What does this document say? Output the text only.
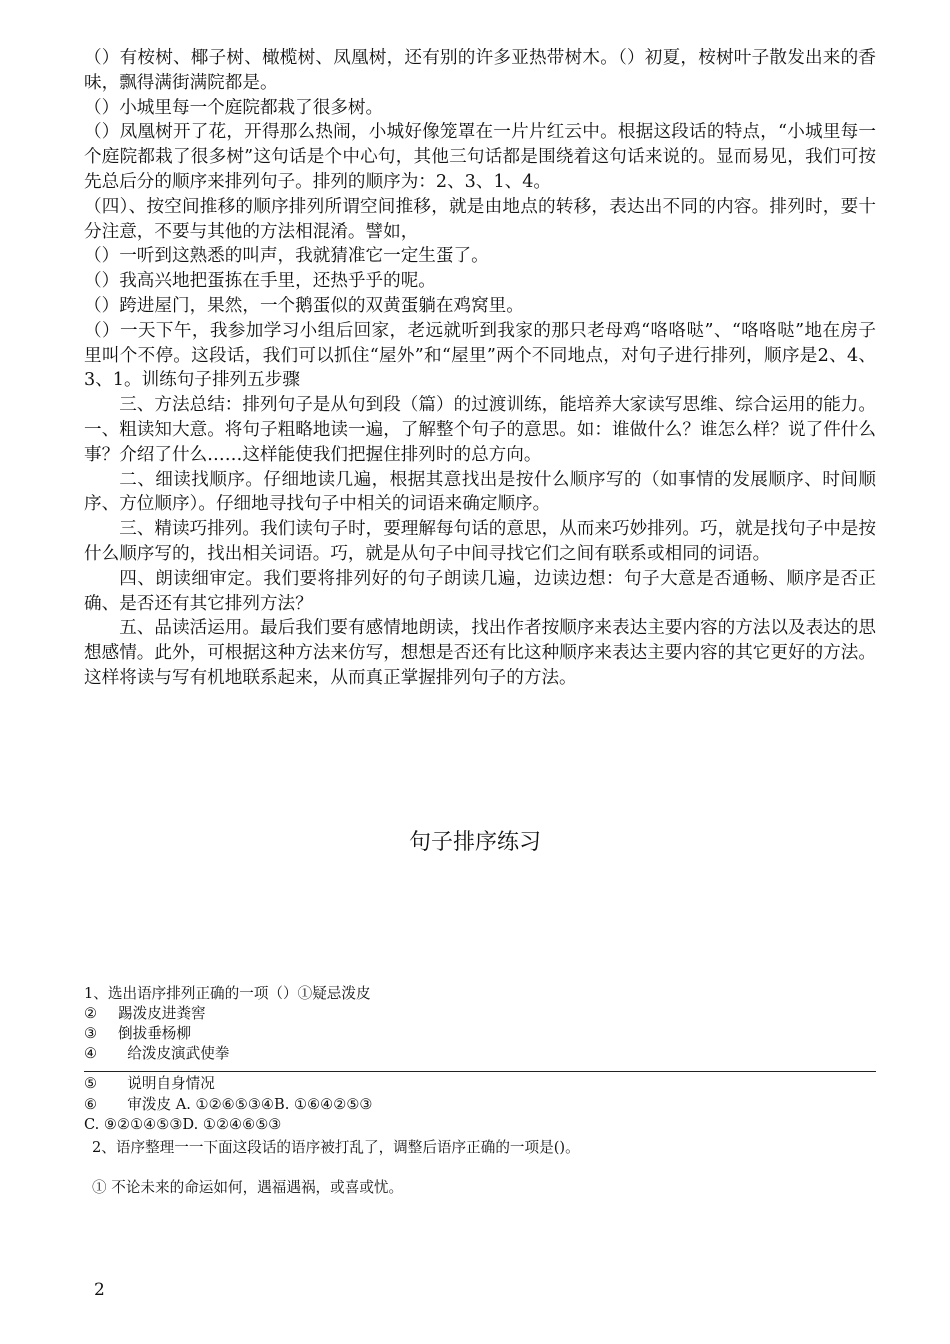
（）有桉树、椰子树、橄榄树、凤凰树，还有别的许多亚热带树木。（）初夏，桉树叶子散发出来的香味，飘得满街满院都是。

（）小城里每一个庭院都栽了很多树。

（）凤凰树开了花，开得那么热闹，小城好像笼罩在一片片红云中。根据这段话的特点，“小城里每一个庭院都栽了很多树”这句话是个中心句，其他三句话都是围绕着这句话来说的。显而易见，我们可按先总后分的顺序来排列句子。排列的顺序为：2、3、1、4。

（四）、按空间推移的顺序排列所谓空间推移，就是由地点的转移，表达出不同的内容。排列时，要十分注意，不要与其他的方法相混淆。譬如，

（）一听到这熟悉的叫声，我就猜准它一定生蛋了。

（）我高兴地把蛋拣在手里，还热乎乎的呢。

（）跨进屋门，果然，一个鹅蛋似的双黄蛋躺在鸡窝里。

（）一天下午，我参加学习小组后回家，老远就听到我家的那只老母鸡“咯咯哒”、“咯咯哒”地在房子里叫个不停。这段话，我们可以抓住“屋外”和“屋里”两个不同地点，对句子进行排列，顺序是2、4、3、1。训练句子排列五步骤

三、方法总结：排列句子是从句到段（篇）的过渡训练，能培养大家读写思维、综合运用的能力。一、粗读知大意。将句子粗略地读一遍，了解整个句子的意思。如：谁做什么？谁怎么样？说了件什么事？介绍了什么……这样能使我们把握住排列时的总方向。

二、细读找顺序。仔细地读几遍，根据其意找出是按什么顺序写的（如事情的发展顺序、时间顺序、方位顺序）。仔细地寻找句子中相关的词语来确定顺序。

三、精读巧排列。我们读句子时，要理解每句话的意思，从而来巧妙排列。巧，就是找句子中是按什么顺序写的，找出相关词语。巧，就是从句子中间寻找它们之间有联系或相同的词语。

四、朗读细审定。我们要将排列好的句子朗读几遍，边读边想：句子大意是否通畅、顺序是否正确、是否还有其它排列方法？

五、品读活运用。最后我们要有感情地朗读，找出作者按顺序来表达主要内容的方法以及表达的思想感情。此外，可根据这种方法来仿写，想想是否还有比这种顺序来表达主要内容的其它更好的方法。这样将读与写有机地联系起来，从而真正掌握排列句子的方法。

句子排序练习
1、选出语序排列正确的一项（）①疑忌泼皮
② 踢泼皮进粪窖
③ 倒拔垂杨柳
④  给泼皮演武使拳
⑤  说明自身情况
⑥  审泼皮 A. ①②⑥⑤③④B. ①⑥④②⑤③
C. ⑨②①④⑤③D. ①②④⑥⑤③
2、语序整理一一下面这段话的语序被打乱了，调整后语序正确的一项是()。
① 不论未来的命运如何，遇福遇祸，或喜或忧。
2
